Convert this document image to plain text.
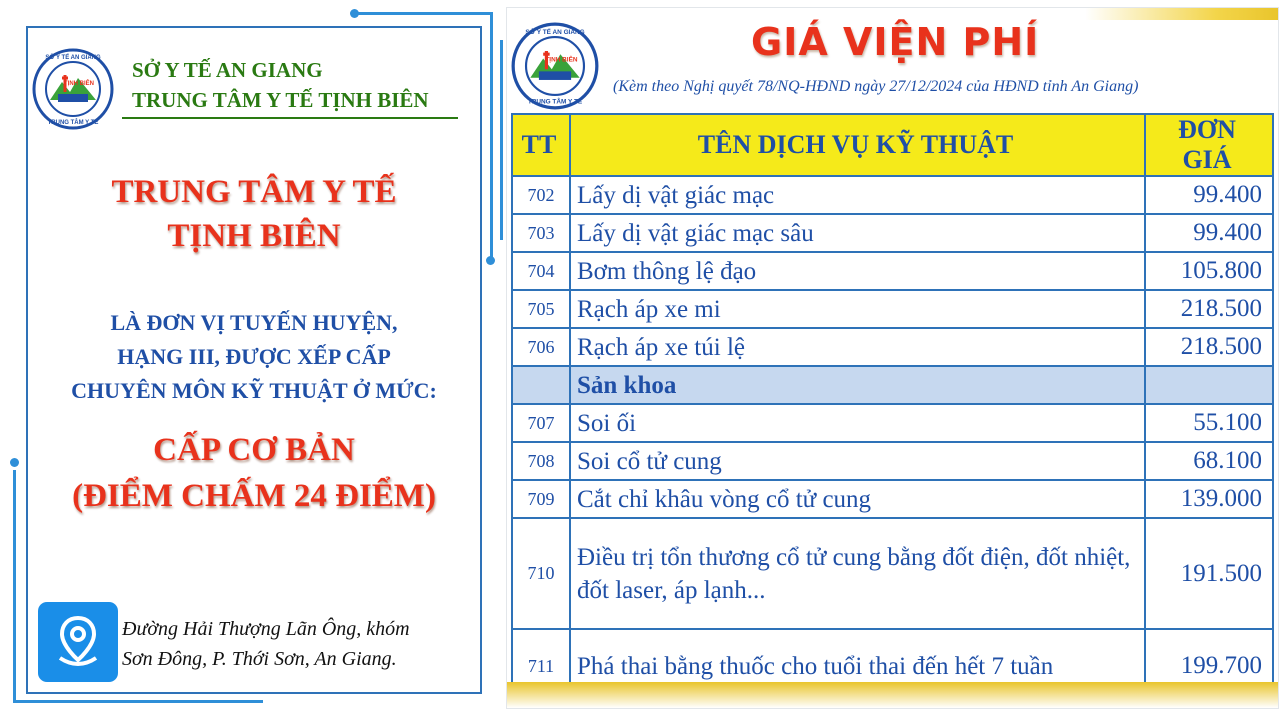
TỊNH BIÊN
SỞ Y TẾ AN GIANG
TRUNG TÂM Y TẾ
SỞ Y TẾ AN GIANG
TRUNG TÂM Y TẾ TỊNH BIÊN
TRUNG TÂM Y TẾ
TỊNH BIÊN
LÀ ĐƠN VỊ TUYẾN HUYỆN,
HẠNG III, ĐƯỢC XẾP CẤP
CHUYÊN MÔN KỸ THUẬT Ở MỨC:
CẤP CƠ BẢN
(ĐIỂM CHẤM 24 ĐIỂM)
Đường Hải Thượng Lãn Ông, khóm
Sơn Đông, P. Thới Sơn, An Giang.
TỊNH BIÊN
SỞ Y TẾ AN GIANG
TRUNG TÂM Y TẾ
GIÁ VIỆN PHÍ
(Kèm theo Nghị quyết 78/NQ-HĐND ngày 27/12/2024 của HĐND tỉnh An Giang)
TT	TÊN DỊCH VỤ KỸ THUẬT	ĐƠN GIÁ
702	Lấy dị vật giác mạc	99.400
703	Lấy dị vật giác mạc sâu	99.400
704	Bơm thông lệ đạo	105.800
705	Rạch áp xe mi	218.500
706	Rạch áp xe túi lệ	218.500
	Sản khoa	
707	Soi ối	55.100
708	Soi cổ tử cung	68.100
709	Cắt chỉ khâu vòng cổ tử cung	139.000
710	Điều trị tổn thương cổ tử cung bằng đốt điện, đốt nhiệt,
đốt laser, áp lạnh...	191.500
711	Phá thai bằng thuốc cho tuổi thai đến hết 7 tuần	199.700
